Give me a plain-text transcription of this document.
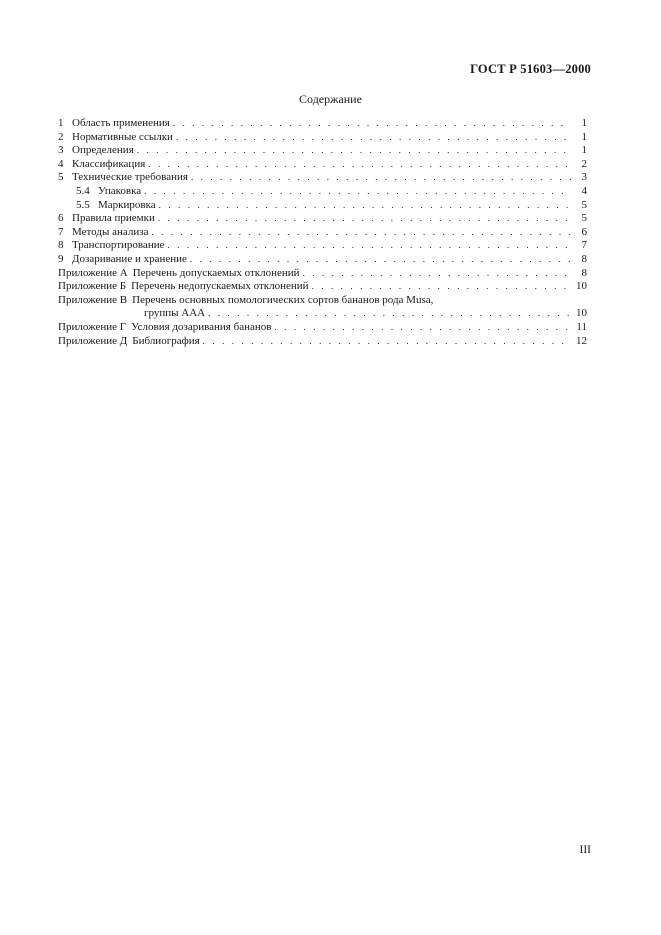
ГОСТ Р 51603—2000
Содержание
1 Область применения . . .	1
2 Нормативные ссылки . . .	1
3 Определения . . .	1
4 Классификация . . .	2
5 Технические требования . . .	3
5.4 Упаковка . . .	4
5.5 Маркировка . . .	5
6 Правила приемки . . .	5
7 Методы анализа . . .	6
8 Транспортирование . . .	7
9 Дозаривание и хранение . . .	8
Приложение А Перечень допускаемых отклонений . . .	8
Приложение Б Перечень недопускаемых отклонений . . .	10
Приложение В Перечень основных помологических сортов бананов рода Musa,
группы ААА . . .	10
Приложение Г Условия дозаривания бананов . . .	11
Приложение Д Библиография . . .	12
III
